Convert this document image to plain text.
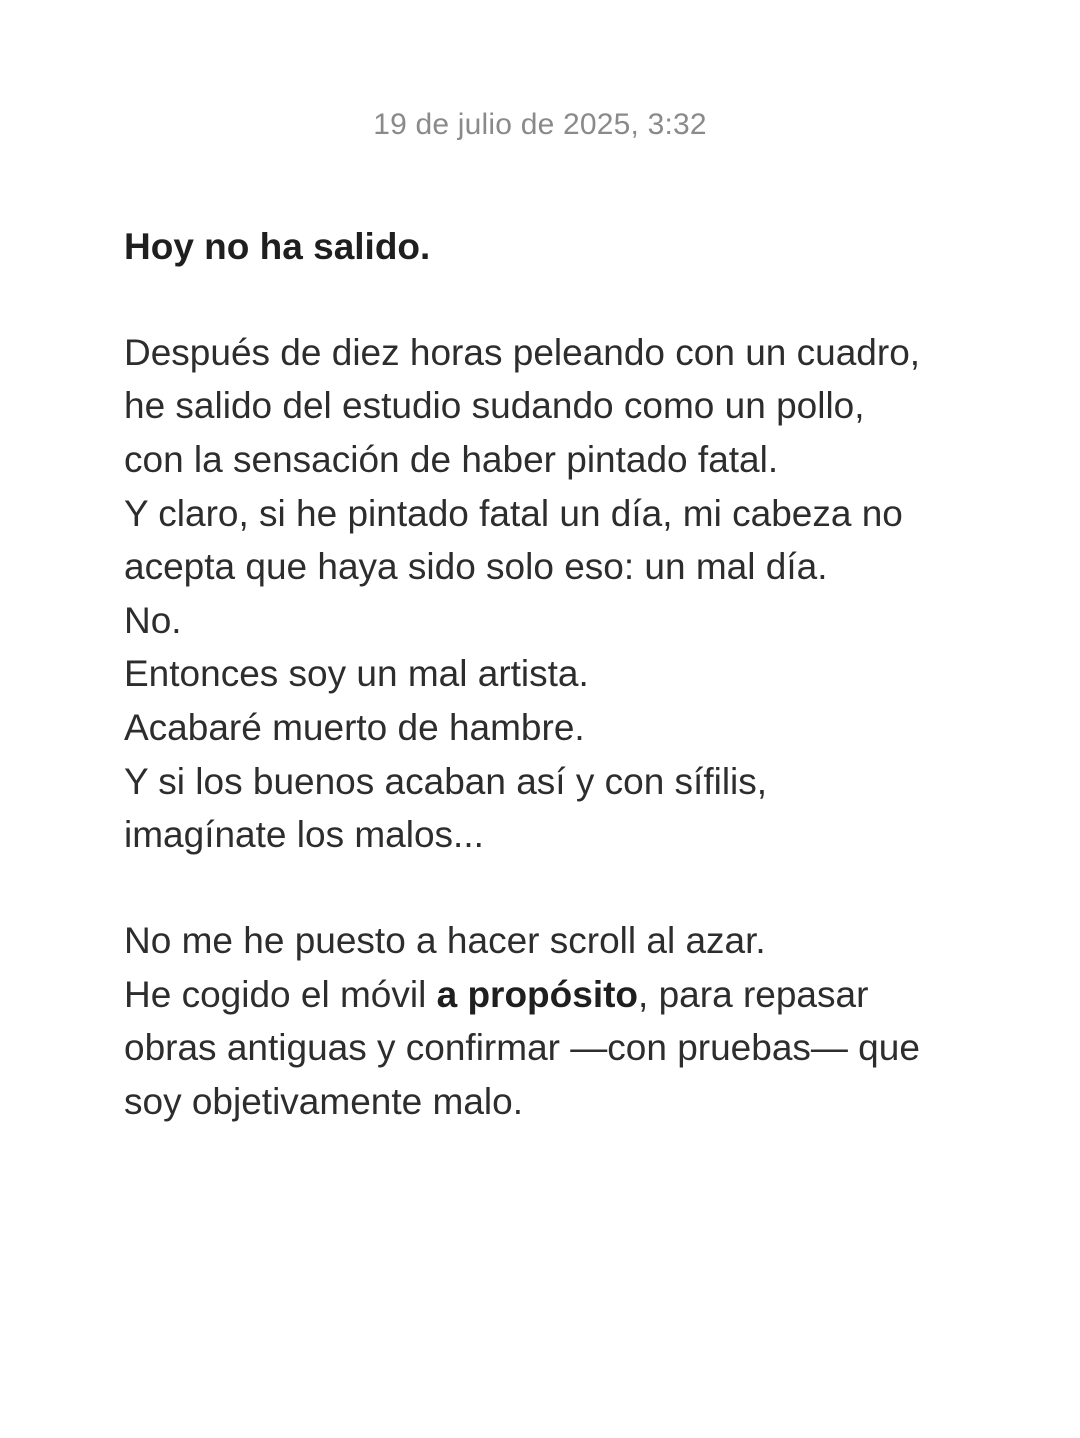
19 de julio de 2025, 3:32

Hoy no ha salido.

Después de diez horas peleando con un cuadro,
he salido del estudio sudando como un pollo,
con la sensación de haber pintado fatal.
Y claro, si he pintado fatal un día, mi cabeza no
acepta que haya sido solo eso: un mal día.
No.
Entonces soy un mal artista.
Acabaré muerto de hambre.
Y si los buenos acaban así y con sífilis,
imagínate los malos...

No me he puesto a hacer scroll al azar.
He cogido el móvil a propósito, para repasar
obras antiguas y confirmar —con pruebas— que
soy objetivamente malo.
